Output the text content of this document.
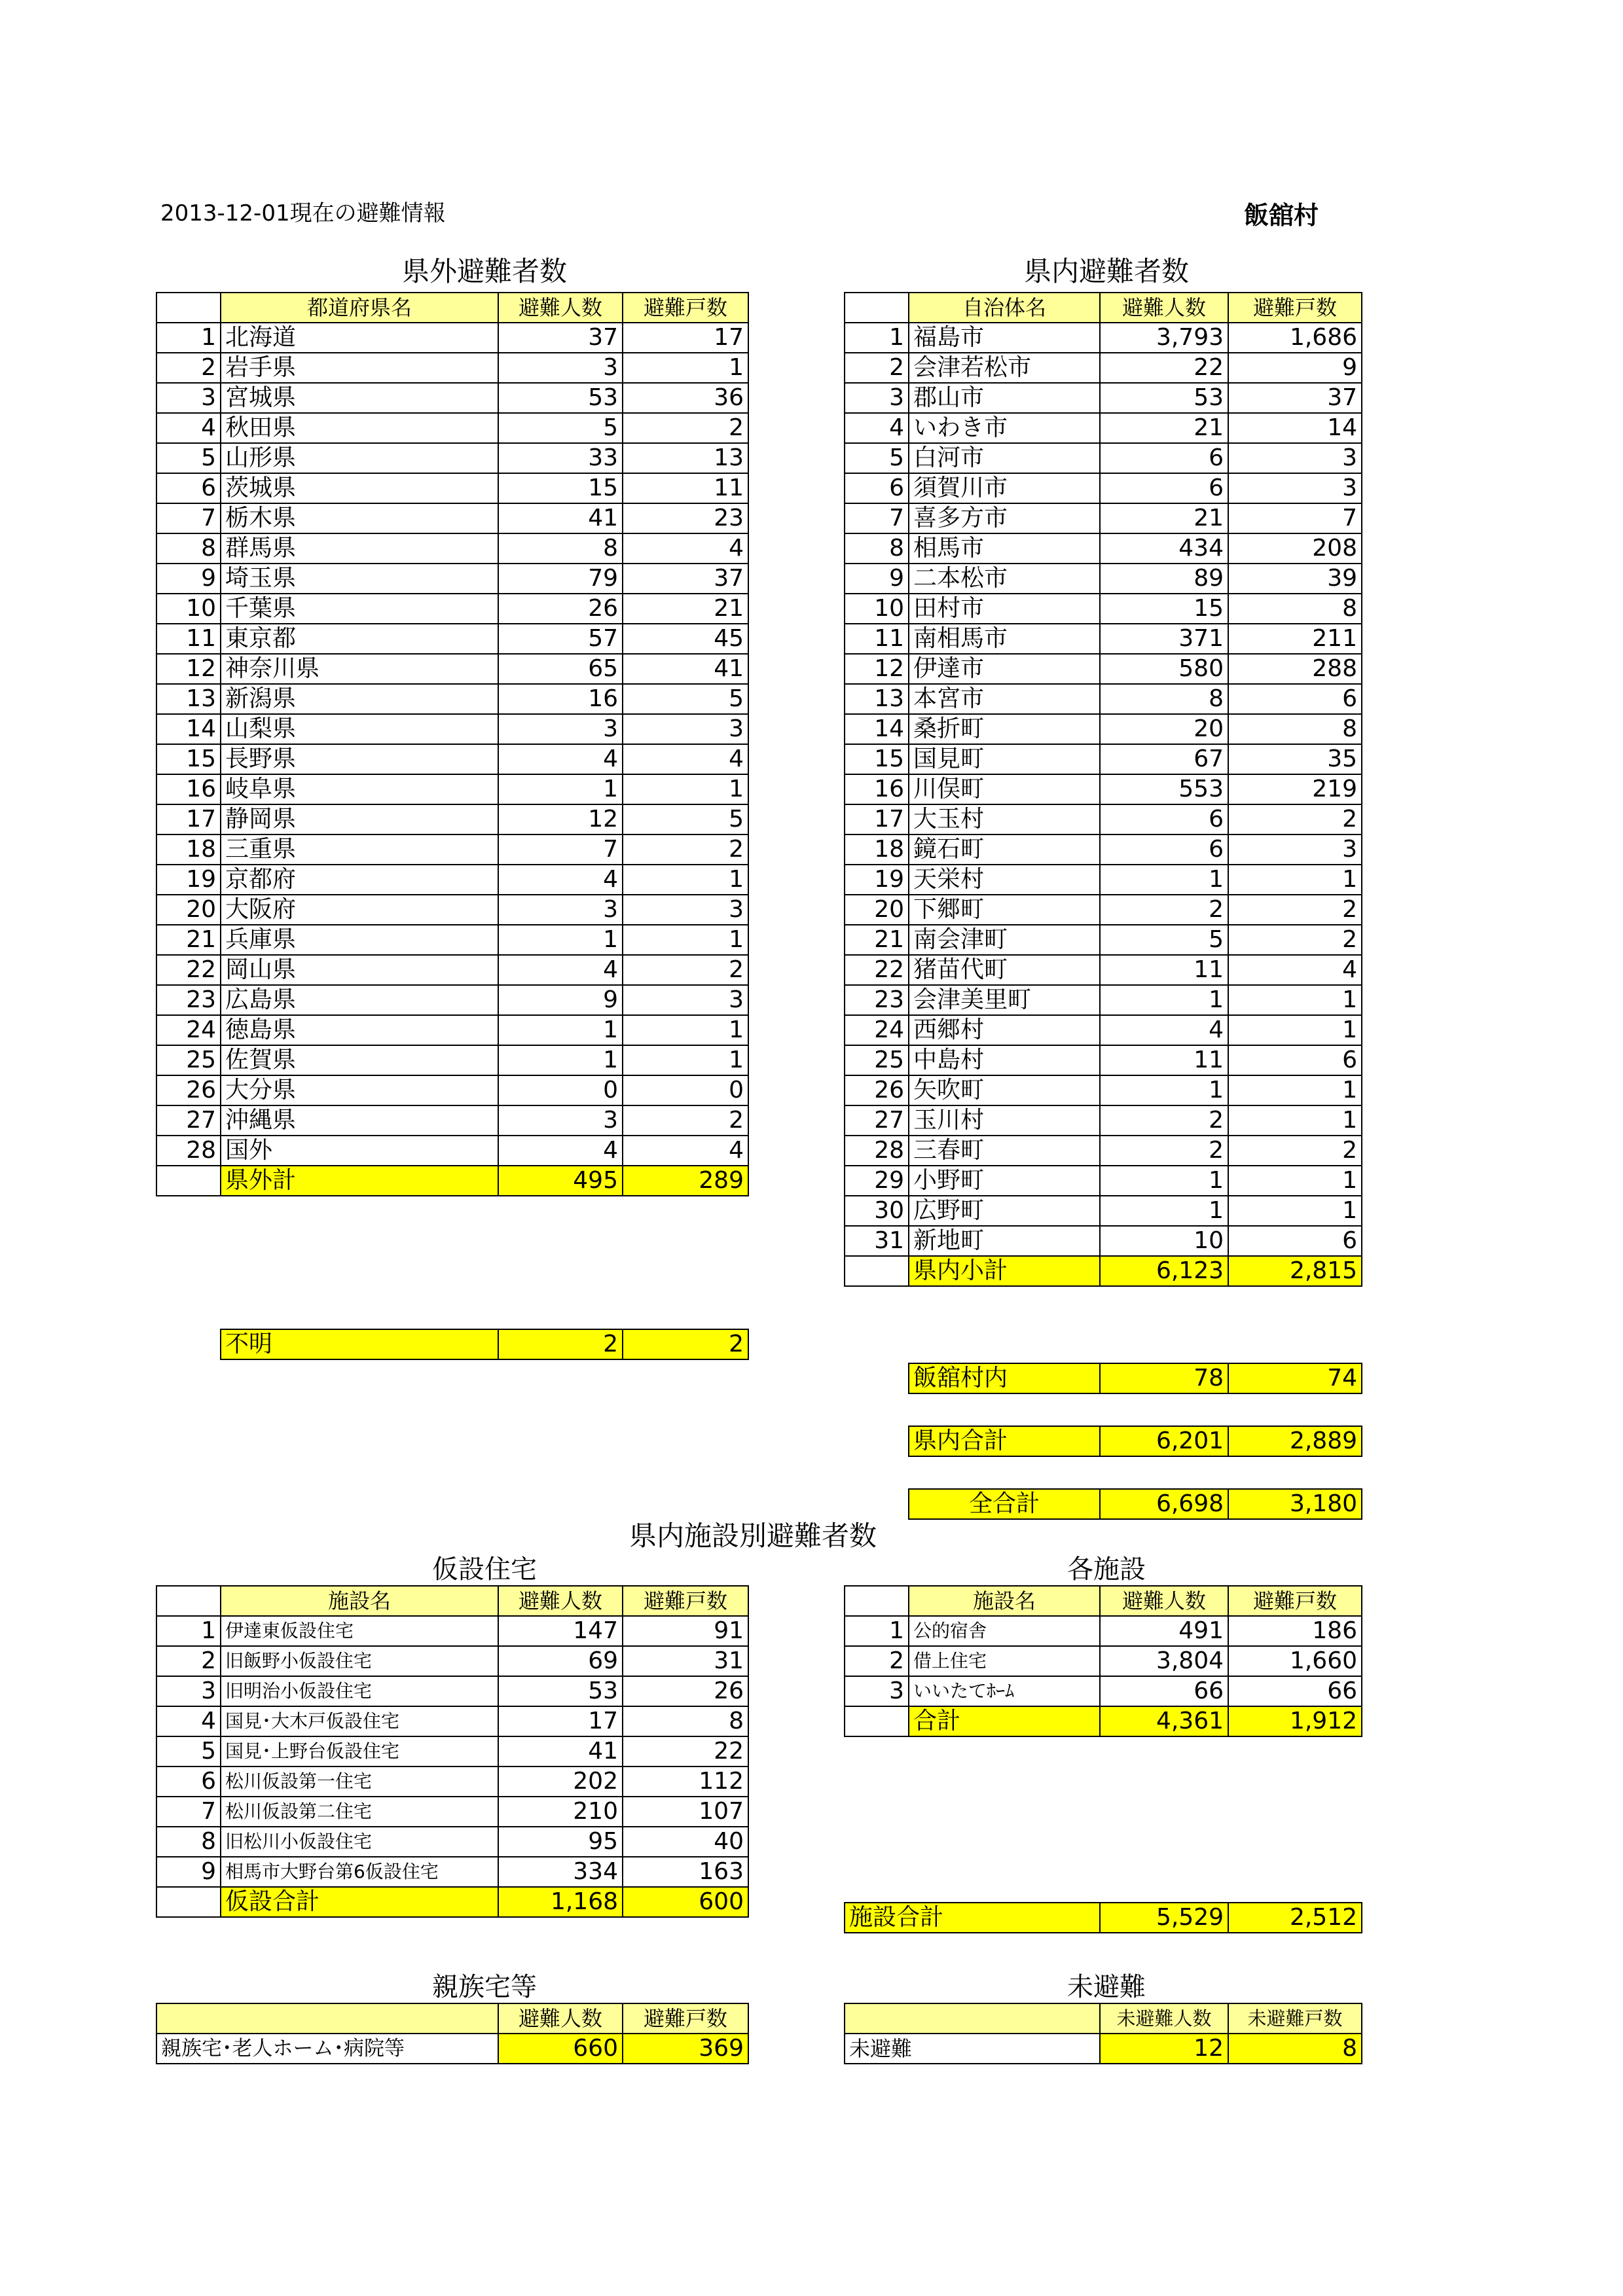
2013-12-01現在の避難情報	飯舘村
県外避難者数	県内避難者数
	都道府県名	避難人数	避難戸数
1	北海道	37	17
2	岩手県	3	1
3	宮城県	53	36
4	秋田県	5	2
5	山形県	33	13
6	茨城県	15	11
7	栃木県	41	23
8	群馬県	8	4
9	埼玉県	79	37
10	千葉県	26	21
11	東京都	57	45
12	神奈川県	65	41
13	新潟県	16	5
14	山梨県	3	3
15	長野県	4	4
16	岐阜県	1	1
17	静岡県	12	5
18	三重県	7	2
19	京都府	4	1
20	大阪府	3	3
21	兵庫県	1	1
22	岡山県	4	2
23	広島県	9	3
24	徳島県	1	1
25	佐賀県	1	1
26	大分県	0	0
27	沖縄県	3	2
28	国外	4	4
	県外計	495	289
不明	2	2
	自治体名	避難人数	避難戸数
1	福島市	3,793	1,686
2	会津若松市	22	9
3	郡山市	53	37
4	いわき市	21	14
5	白河市	6	3
6	須賀川市	6	3
7	喜多方市	21	7
8	相馬市	434	208
9	二本松市	89	39
10	田村市	15	8
11	南相馬市	371	211
12	伊達市	580	288
13	本宮市	8	6
14	桑折町	20	8
15	国見町	67	35
16	川俣町	553	219
17	大玉村	6	2
18	鏡石町	6	3
19	天栄村	1	1
20	下郷町	2	2
21	南会津町	5	2
22	猪苗代町	11	4
23	会津美里町	1	1
24	西郷村	4	1
25	中島村	11	6
26	矢吹町	1	1
27	玉川村	2	1
28	三春町	2	2
29	小野町	1	1
30	広野町	1	1
31	新地町	10	6
	県内小計	6,123	2,815
飯舘村内	78	74
県内合計	6,201	2,889
全合計	6,698	3,180
県内施設別避難者数
仮設住宅	各施設
	施設名	避難人数	避難戸数
1	伊達東仮設住宅	147	91
2	旧飯野小仮設住宅	69	31
3	旧明治小仮設住宅	53	26
4	国見･大木戸仮設住宅	17	8
5	国見･上野台仮設住宅	41	22
6	松川仮設第一住宅	202	112
7	松川仮設第二住宅	210	107
8	旧松川小仮設住宅	95	40
9	相馬市大野台第6仮設住宅	334	163
	仮設合計	1,168	600
	施設名	避難人数	避難戸数
1	公的宿舎	491	186
2	借上住宅	3,804	1,660
3	いいたてﾎｰﾑ	66	66
	合計	4,361	1,912
施設合計	5,529	2,512
親族宅等
	避難人数	避難戸数
親族宅･老人ホーム･病院等	660	369
未避難
	未避難人数	未避難戸数
未避難	12	8
